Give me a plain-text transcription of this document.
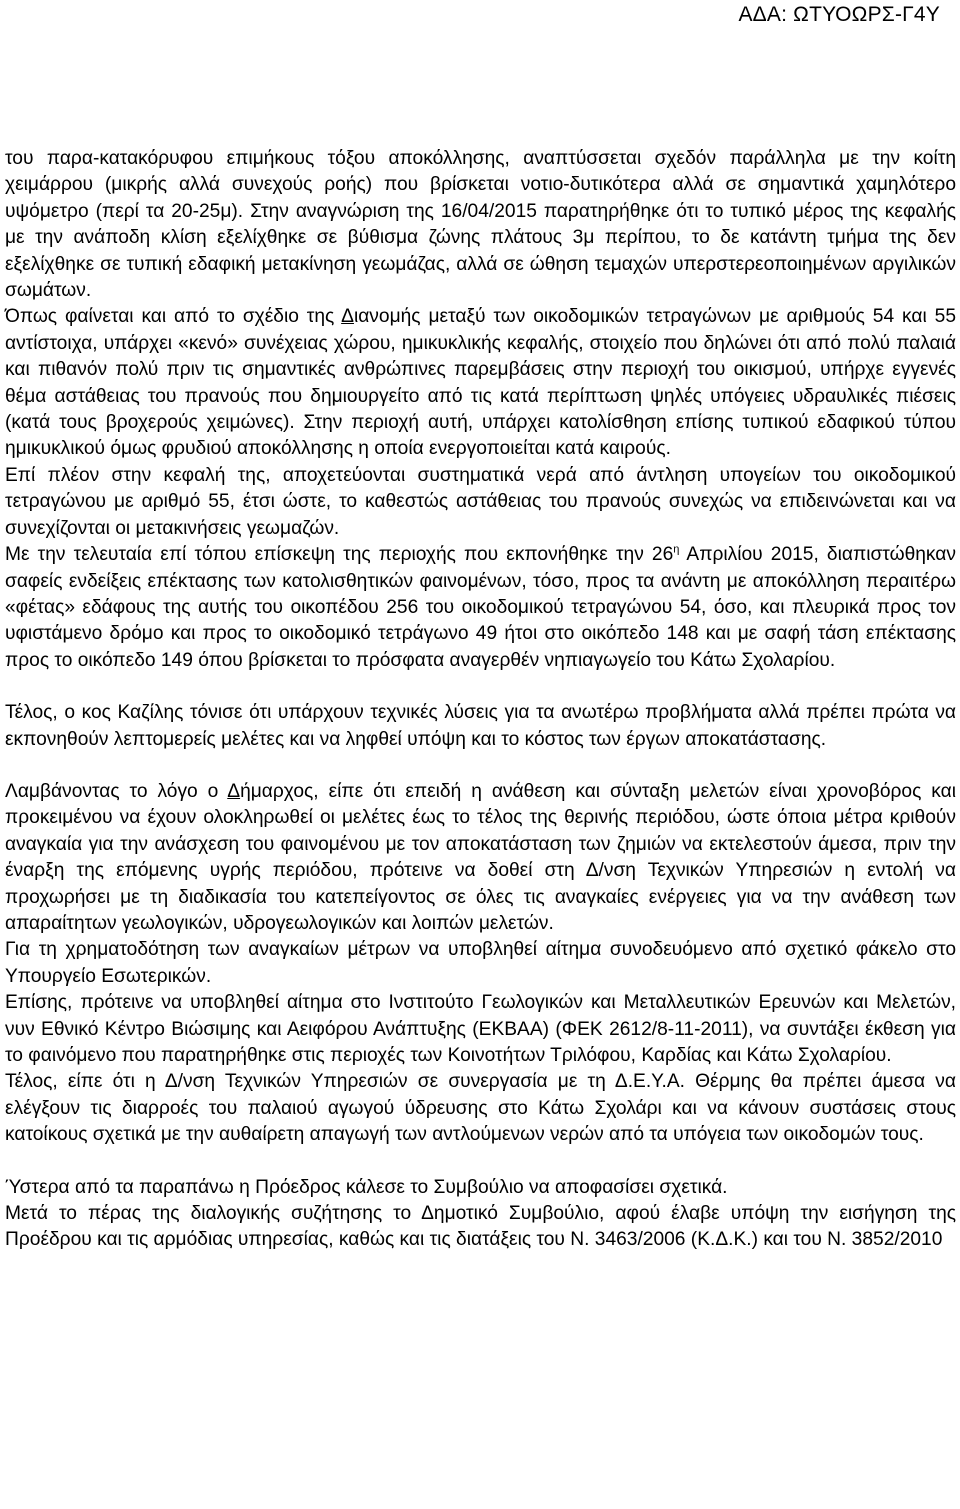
ΑΔΑ: ΩΤΥΟΩΡΣ-Γ4Υ

του παρα-κατακόρυφου επιμήκους τόξου αποκόλλησης, αναπτύσσεται σχεδόν παράλληλα με την κοίτη χειμάρρου (μικρής αλλά συνεχούς ροής) που βρίσκεται νοτιο-δυτικότερα αλλά σε σημαντικά χαμηλότερο υψόμετρο (περί τα 20-25μ). Στην αναγνώριση της 16/04/2015 παρατηρήθηκε ότι το τυπικό μέρος της κεφαλής με την ανάποδη κλίση εξελίχθηκε σε βύθισμα ζώνης πλάτους 3μ περίπου, το δε κατάντη τμήμα της δεν εξελίχθηκε σε τυπική εδαφική μετακίνηση γεωμάζας, αλλά σε ώθηση τεμαχών υπερστερεοποιημένων αργιλικών σωμάτων.

Όπως φαίνεται και από το σχέδιο της Διανομής μεταξύ των οικοδομικών τετραγώνων με αριθμούς 54 και 55 αντίστοιχα, υπάρχει «κενό» συνέχειας χώρου, ημικυκλικής κεφαλής, στοιχείο που δηλώνει ότι από πολύ παλαιά και πιθανόν πολύ πριν τις σημαντικές ανθρώπινες παρεμβάσεις στην περιοχή του οικισμού, υπήρχε εγγενές θέμα αστάθειας του πρανούς που δημιουργείτο από τις κατά περίπτωση ψηλές υπόγειες υδραυλικές πιέσεις (κατά τους βροχερούς χειμώνες). Στην περιοχή αυτή, υπάρχει κατολίσθηση επίσης τυπικού εδαφικού τύπου ημικυκλικού όμως φρυδιού αποκόλλησης η οποία ενεργοποιείται κατά καιρούς.

Επί πλέον στην κεφαλή της, αποχετεύονται συστηματικά νερά από άντληση υπογείων του οικοδομικού τετραγώνου με αριθμό 55, έτσι ώστε, το καθεστώς αστάθειας του πρανούς συνεχώς να επιδεινώνεται και να συνεχίζονται οι μετακινήσεις γεωμαζών.

Με την τελευταία επί τόπου επίσκεψη της περιοχής που εκπονήθηκε την $26^\eta$ Απριλίου 2015, διαπιστώθηκαν σαφείς ενδείξεις επέκτασης των κατολισθητικών φαινομένων, τόσο, προς τα ανάντη με αποκόλληση περαιτέρω «φέτας» εδάφους της αυτής του οικοπέδου 256 του οικοδομικού τετραγώνου 54, όσο, και πλευρικά προς τον υφιστάμενο δρόμο και προς το οικοδομικό τετράγωνο 49 ήτοι στο οικόπεδο 148 και με σαφή τάση επέκτασης προς το οικόπεδο 149 όπου βρίσκεται το πρόσφατα αναγερθέν νηπιαγωγείο του Κάτω Σχολαρίου.

Τέλος, ο κος Καζίλης τόνισε ότι υπάρχουν τεχνικές λύσεις για τα ανωτέρω προβλήματα αλλά πρέπει πρώτα να εκπονηθούν λεπτομερείς μελέτες και να ληφθεί υπόψη και το κόστος των έργων αποκατάστασης.

Λαμβάνοντας το λόγο ο Δήμαρχος, είπε ότι επειδή η ανάθεση και σύνταξη μελετών είναι χρονοβόρος και προκειμένου να έχουν ολοκληρωθεί οι μελέτες έως το τέλος της θερινής περιόδου, ώστε όποια μέτρα κριθούν αναγκαία για την ανάσχεση του φαινομένου με τον αποκατάσταση των ζημιών να εκτελεστούν άμεσα, πριν την έναρξη της επόμενης υγρής περιόδου, πρότεινε να δοθεί στη Δ/νση Τεχνικών Υπηρεσιών η εντολή να προχωρήσει με τη διαδικασία του κατεπείγοντος σε όλες τις αναγκαίες ενέργειες για να την ανάθεση των απαραίτητων γεωλογικών, υδρογεωλογικών και λοιπών μελετών.

Για τη χρηματοδότηση των αναγκαίων μέτρων να υποβληθεί αίτημα συνοδευόμενο από σχετικό φάκελο στο Υπουργείο Εσωτερικών.

Επίσης, πρότεινε να υποβληθεί αίτημα στο Ινστιτούτο Γεωλογικών και Μεταλλευτικών Ερευνών και Μελετών, νυν Εθνικό Κέντρο Βιώσιμης και Αειφόρου Ανάπτυξης (ΕΚΒΑΑ) (ΦΕΚ 2612/8-11-2011), να συντάξει έκθεση για το φαινόμενο που παρατηρήθηκε στις περιοχές των Κοινοτήτων Τριλόφου, Καρδίας και Κάτω Σχολαρίου.

Τέλος, είπε ότι η Δ/νση Τεχνικών Υπηρεσιών σε συνεργασία με τη Δ.Ε.Υ.Α. Θέρμης θα πρέπει άμεσα να ελέγξουν τις διαρροές του παλαιού αγωγού ύδρευσης στο Κάτω Σχολάρι και να κάνουν συστάσεις στους κατοίκους σχετικά με την αυθαίρετη απαγωγή των αντλούμενων νερών από τα υπόγεια των οικοδομών τους.

Ύστερα από τα παραπάνω η Πρόεδρος κάλεσε το Συμβούλιο να αποφασίσει σχετικά.

Μετά το πέρας της διαλογικής συζήτησης το Δημοτικό Συμβούλιο, αφού έλαβε υπόψη την εισήγηση της Προέδρου και τις αρμόδιας υπηρεσίας, καθώς και τις διατάξεις του Ν. 3463/2006 (Κ.Δ.Κ.) και του Ν. 3852/2010
